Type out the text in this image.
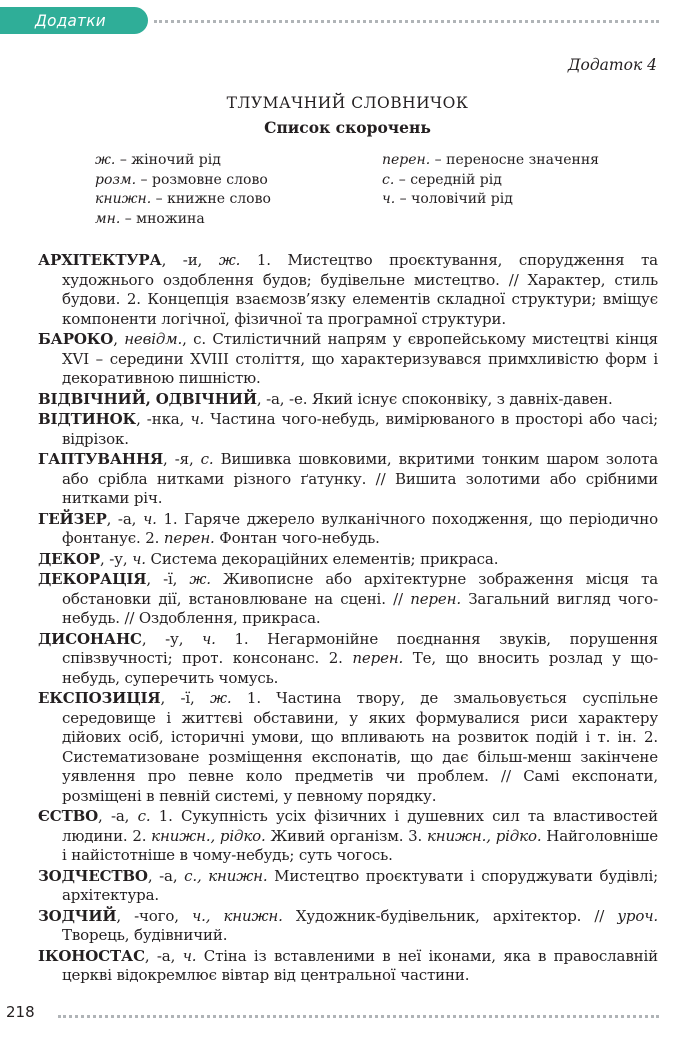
Додатки
Додаток 4
ТЛУМАЧНИЙ СЛОВНИЧОК
Список скорочень
ж. – жіночий рід
розм. – розмовне слово
книжн. – книжне слово
мн. – множина
перен. – переносне значення
с. – середній рід
ч. – чоловічий рід
АРХІТЕКТУРА, -и, ж. 1. Мистецтво проєктування, спорудження та художнього оздоблення будов; будівельне мистецтво. // Характер, стиль будови. 2. Концепція взаємозв’язку елементів складної структури; вміщує компоненти логічної, фізичної та програмної структури.
БАРОКО, невідм., с. Стилістичний напрям у європейському мистецтві кінця XVI – середини XVIII століття, що характеризувався примхливістю форм і декоративною пишністю.
ВІДВІЧНИЙ, ОДВІЧНИЙ, -а, -е. Який існує споконвіку, з давніх-давен.
ВІДТИНОК, -нка, ч. Частина чого-небудь, вимірюваного в просторі або часі; відрізок.
ГАПТУВАННЯ, -я, с. Вишивка шовковими, вкритими тонким шаром золота або срібла нитками різного ґатунку. // Вишита золотими або срібними нитками річ.
ГЕЙЗЕР, -а, ч. 1. Гаряче джерело вулканічного походження, що періодично фонтанує. 2. перен. Фонтан чого-небудь.
ДЕКОР, -у, ч. Система декораційних елементів; прикраса.
ДЕКОРАЦІЯ, -ї, ж. Живописне або архітектурне зображення місця та обстановки дії, встановлюване на сцені. // перен. Загальний вигляд чого-небудь. // Оздоблення, прикраса.
ДИСОНАНС, -у, ч. 1. Негармонійне поєднання звуків, порушення співзвучності; прот. консонанс. 2. перен. Те, що вносить розлад у що-небудь, суперечить чомусь.
ЕКСПОЗИЦІЯ, -ї, ж. 1. Частина твору, де змальовується суспільне середовище і життєві обставини, у яких формувалися риси характеру дійових осіб, історичні умови, що впливають на розвиток подій і т. ін. 2. Систематизоване розміщення експонатів, що дає більш-менш закінчене уявлення про певне коло предметів чи проблем. // Самі експонати, розміщені в певній системі, у певному порядку.
ЄСТВО, -а, с. 1. Сукупність усіх фізичних і душевних сил та властивостей людини. 2. книжн., рідко. Живий організм. 3. книжн., рідко. Найголовніше і найістотніше в чому-небудь; суть чогось.
ЗОДЧЕСТВО, -а, с., книжн. Мистецтво проєктувати і споруджувати будівлі; архітектура.
ЗОДЧИЙ, -чого, ч., книжн. Художник-будівельник, архітектор. // уроч. Творець, будівничий.
ІКОНОСТАС, -а, ч. Стіна із вставленими в неї іконами, яка в православній церкві відокремлює вівтар від центральної частини.
218
